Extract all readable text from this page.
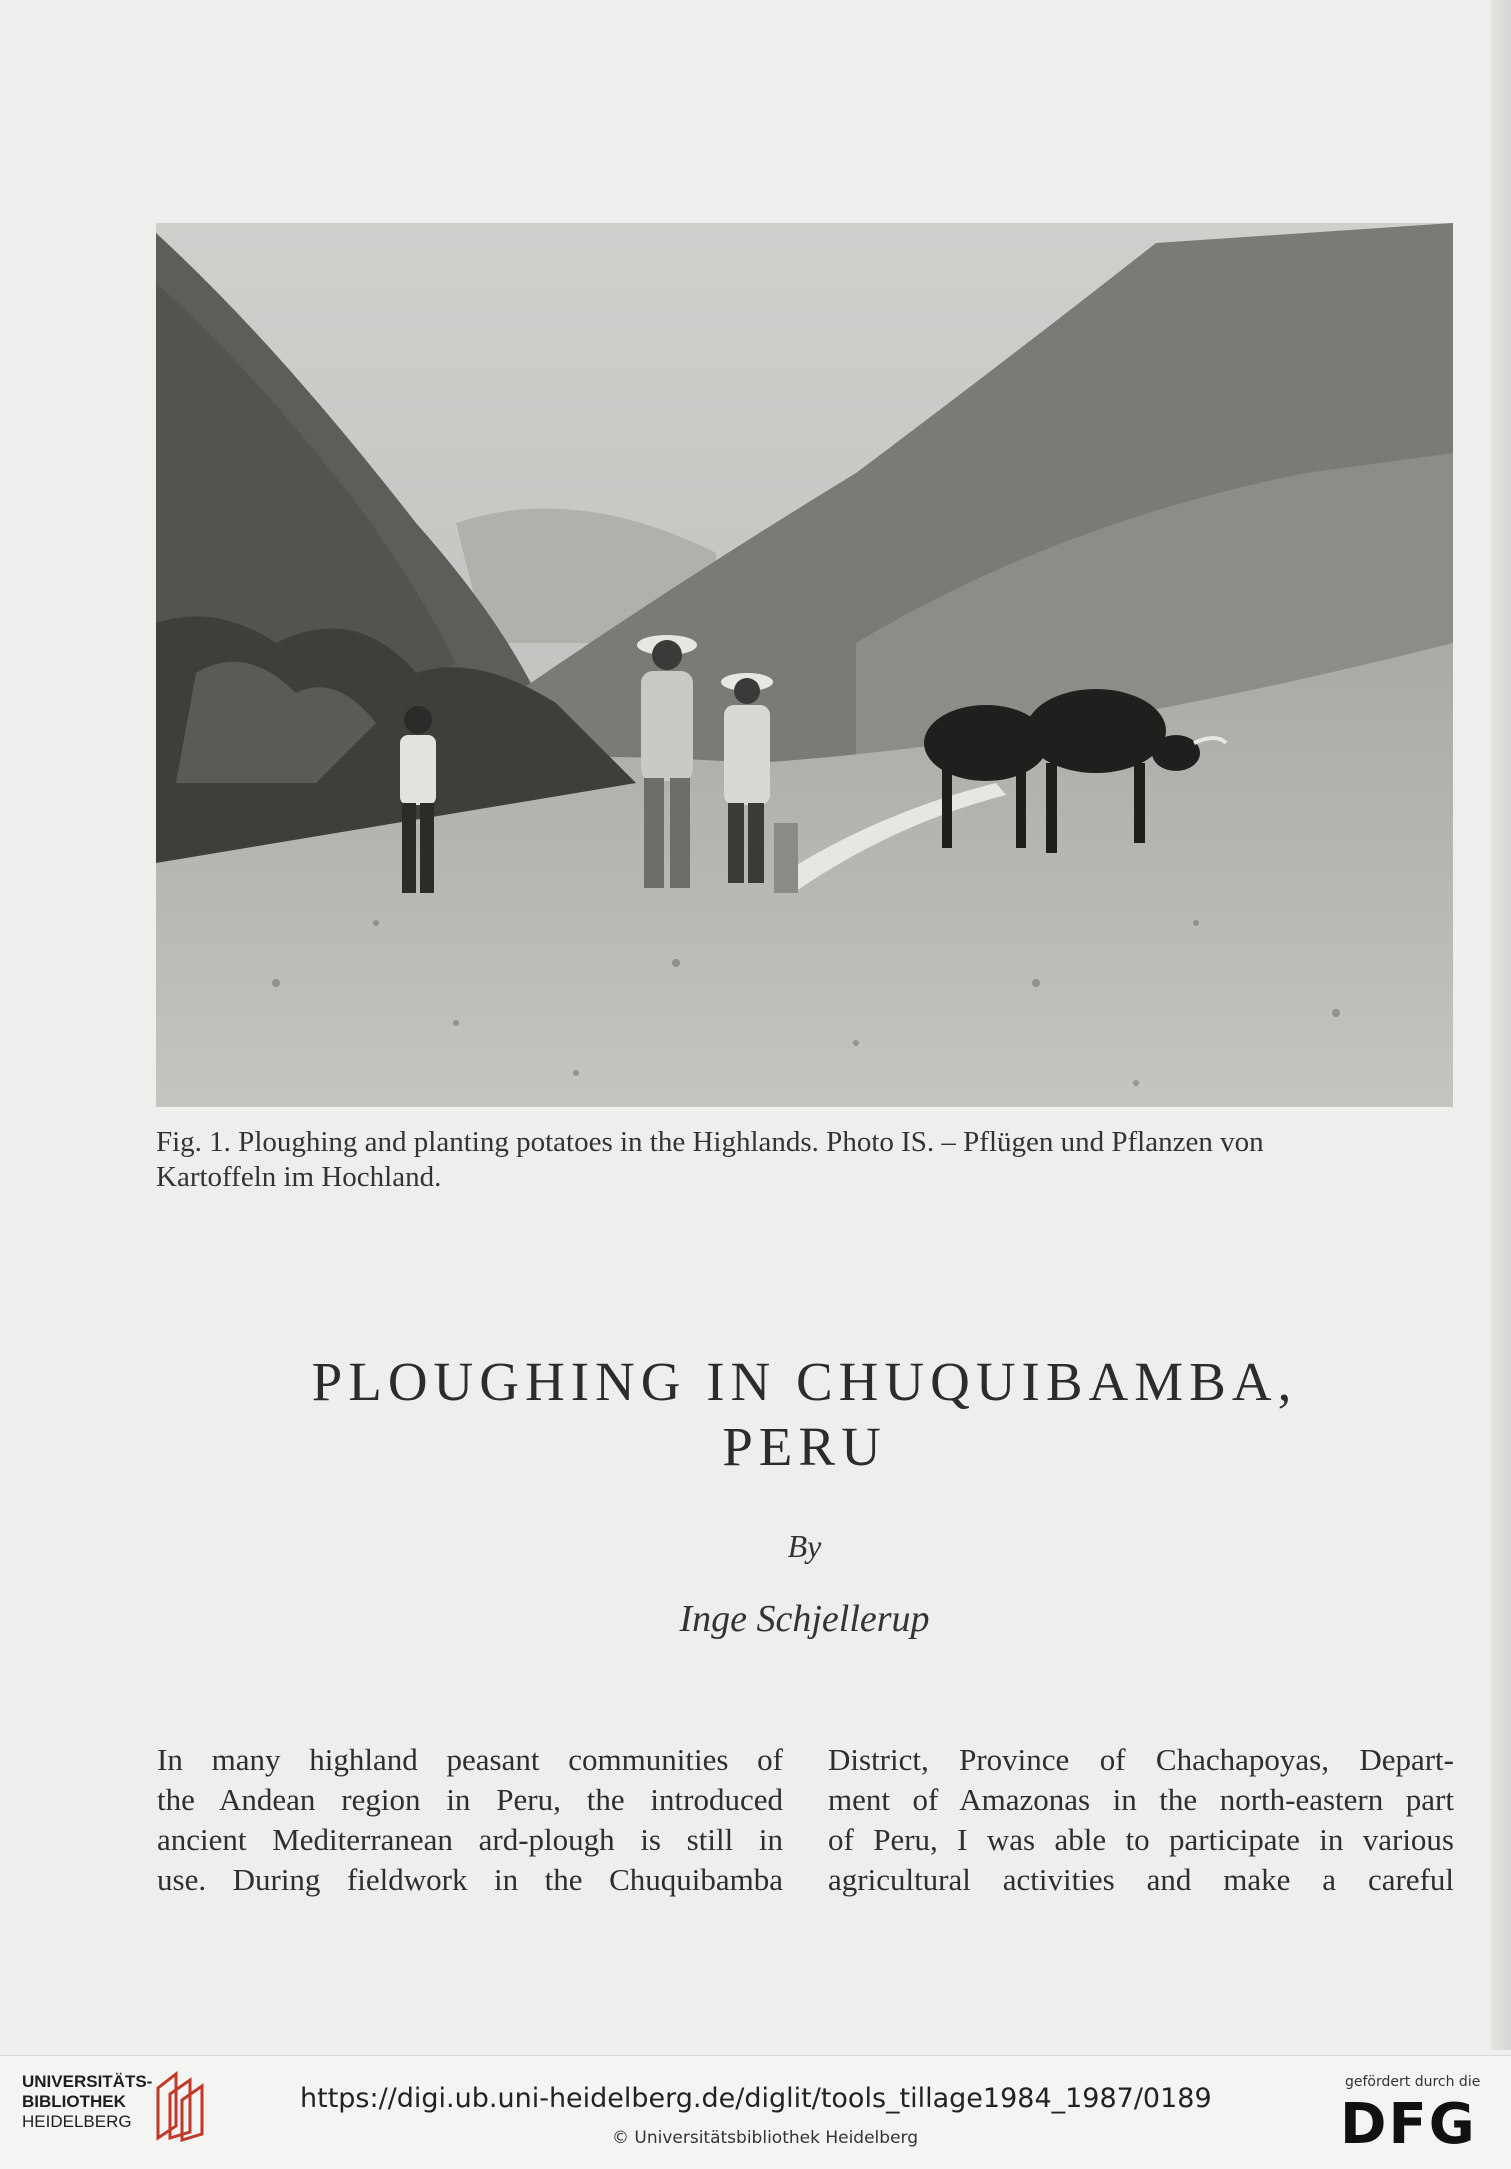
Fig. 1. Ploughing and planting potatoes in the Highlands. Photo IS. – Pflügen und Pflanzen von
Kartoffeln im Hochland.
PLOUGHING IN CHUQUIBAMBA,
PERU
By
Inge Schjellerup
In many highland peasant communities of
the Andean region in Peru, the introduced
ancient Mediterranean ard-plough is still in
use. During fieldwork in the Chuquibamba
District, Province of Chachapoyas, Depart-
ment of Amazonas in the north-eastern part
of Peru, I was able to participate in various
agricultural activities and make a careful
UNIVERSITÄTS-
BIBLIOTHEK
HEIDELBERG
https://digi.ub.uni-heidelberg.de/diglit/tools_tillage1984_1987/0189
© Universitätsbibliothek Heidelberg
gefördert durch die
DFG
